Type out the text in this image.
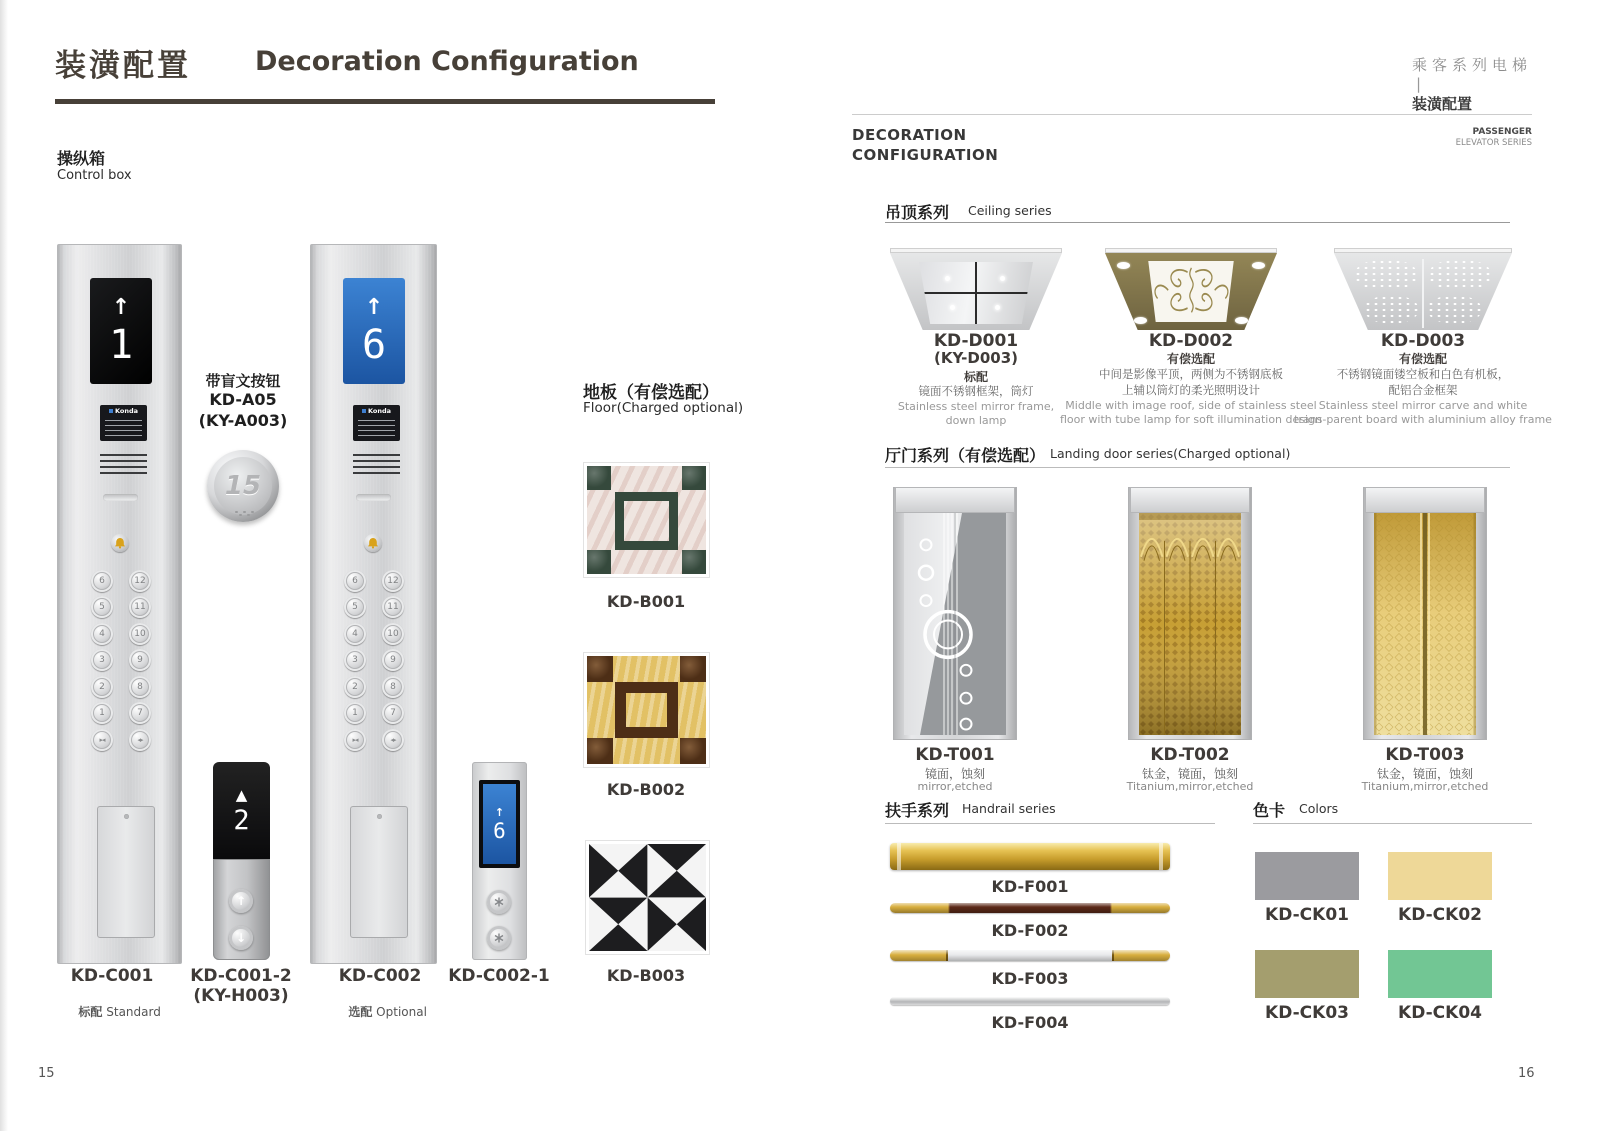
装潢配置 Decoration Configuration
操纵箱
Control box
↑
1
Konda
6	12
5	11
4	10
3	9
2	8
1	7
▸◂	◂▸
带盲文按钮
KD-A05
(KY-A003)
15
▲
2
↑
↓
↑
6
Konda
6	12
5	11
4	10
3	9
2	8
1	7
▸◂	◂▸
↑
6
KD-C001

标配 Standard

KD-C001-2
(KY-H003)
KD-C002

选配 Optional

KD-C002-1
地板（有偿选配）
Floor(Charged optional)
KD-B001
KD-B002
KD-B003
15

乘客系列电梯
|
装潢配置

DECORATION
CONFIGURATION
PASSENGER
ELEVATOR SERIES
吊顶系列 Ceiling series
KD-D001
(KY-D003)
标配
镜面不锈钢框架，筒灯
Stainless steel mirror frame,
down lamp
KD-D002
有偿选配
中间是影像平顶，两侧为不锈钢底板
上辅以筒灯的柔光照明设计
Middle with image roof, side of stainless steel
floor with tube lamp for soft illumination design
KD-D003
有偿选配
不锈钢镜面镂空板和白色有机板，
配铝合金框架
Stainless steel mirror carve and white
trans-parent board with aluminium alloy frame
厅门系列（有偿选配） Landing door series(Charged optional)
KD-T001
镜面，蚀刻
mirror,etched
KD-T002
钛金，镜面，蚀刻
Titanium,mirror,etched
KD-T003
钛金，镜面，蚀刻
Titanium,mirror,etched
扶手系列 Handrail series
KD-F001
KD-F002
KD-F003
KD-F004
色卡 Colors
KD-CK01	KD-CK02
KD-CK03	KD-CK04
16
